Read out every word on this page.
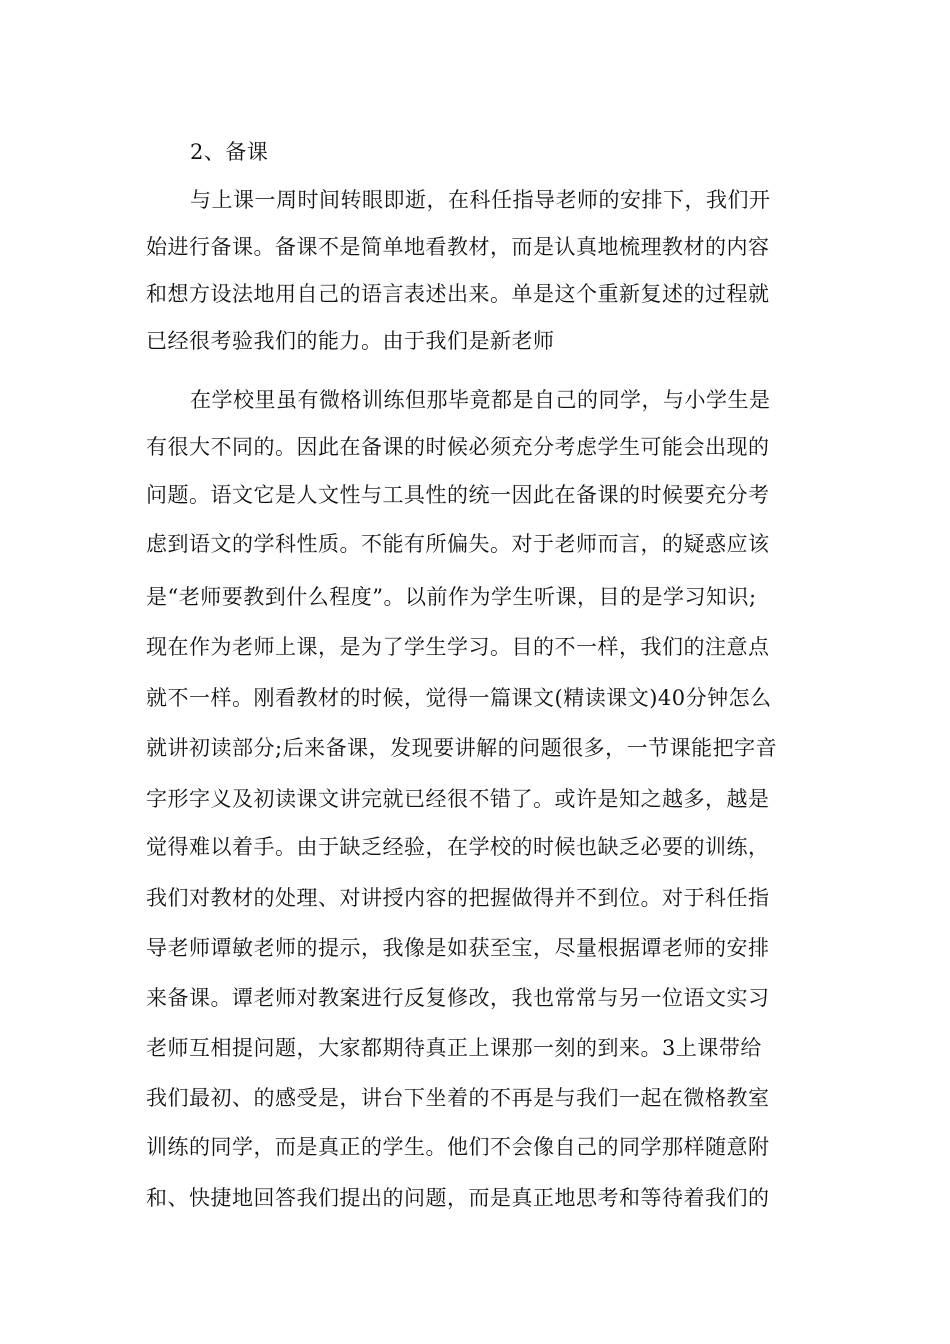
2、备课
与上课一周时间转眼即逝，在科任指导老师的安排下，我们开
始进行备课。备课不是简单地看教材，而是认真地梳理教材的内容
和想方设法地用自己的语言表述出来。单是这个重新复述的过程就
已经很考验我们的能力。由于我们是新老师
在学校里虽有微格训练但那毕竟都是自己的同学，与小学生是
有很大不同的。因此在备课的时候必须充分考虑学生可能会出现的
问题。语文它是人文性与工具性的统一因此在备课的时候要充分考
虑到语文的学科性质。不能有所偏失。对于老师而言，的疑惑应该
是“老师要教到什么程度”。以前作为学生听课，目的是学习知识;
现在作为老师上课，是为了学生学习。目的不一样，我们的注意点
就不一样。刚看教材的时候，觉得一篇课文(精读课文)40分钟怎么
就讲初读部分;后来备课，发现要讲解的问题很多，一节课能把字音
字形字义及初读课文讲完就已经很不错了。或许是知之越多，越是
觉得难以着手。由于缺乏经验，在学校的时候也缺乏必要的训练，
我们对教材的处理、对讲授内容的把握做得并不到位。对于科任指
导老师谭敏老师的提示，我像是如获至宝，尽量根据谭老师的安排
来备课。谭老师对教案进行反复修改，我也常常与另一位语文实习
老师互相提问题，大家都期待真正上课那一刻的到来。3上课带给
我们最初、的感受是，讲台下坐着的不再是与我们一起在微格教室
训练的同学，而是真正的学生。他们不会像自己的同学那样随意附
和、快捷地回答我们提出的问题，而是真正地思考和等待着我们的
